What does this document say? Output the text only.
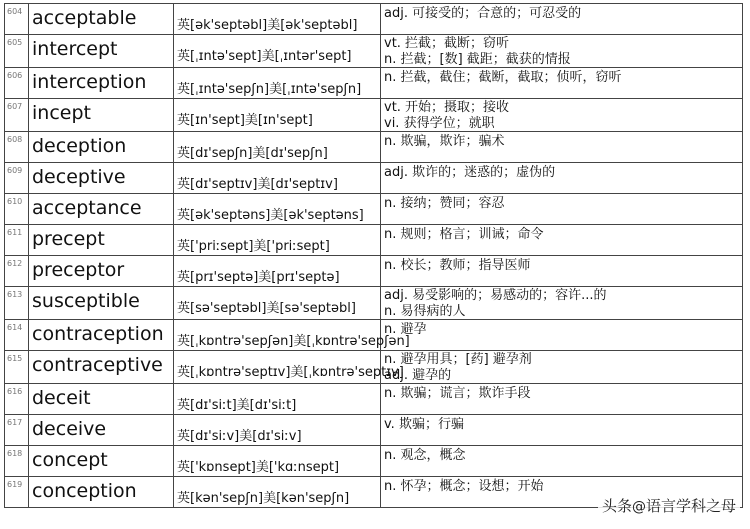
604	acceptable	英[ək'septəbl]美[ək'septəbl]	adj. 可接受的；合意的；可忍受的

605	intercept	英[ˌɪntə'sept]美[ˌɪntər'sept]	vt. 拦截；截断；窃听
n. 拦截；[数] 截距；截获的情报

606	interception	英[ˌɪntə'sepʃn]美[ˌɪntə'sepʃn]	n. 拦截，截住；截断，截取；侦听，窃听

607	incept	英[ɪn'sept]美[ɪn'sept]	vt. 开始；摄取；接收
vi. 获得学位；就职

608	deception	英[dɪ'sepʃn]美[dɪ'sepʃn]	n. 欺骗，欺诈；骗术

609	deceptive	英[dɪ'septɪv]美[dɪ'septɪv]	adj. 欺诈的；迷惑的；虚伪的

610	acceptance	英[ək'septəns]美[ək'septəns]	n. 接纳；赞同；容忍

611	precept	英['priːsept]美['priːsept]	n. 规则；格言；训诫；命令

612	preceptor	英[prɪ'septə]美[prɪ'septə]	n. 校长；教师；指导医师

613	susceptible	英[sə'septəbl]美[sə'septəbl]	adj. 易受影响的；易感动的；容许...的
n. 易得病的人

614	contraception	英[ˌkɒntrə'sepʃən]美[ˌkɒntrə'sepʃən]	n. 避孕

615	contraceptive	英[ˌkɒntrə'septɪv]美[ˌkɒntrə'septɪv]	n. 避孕用具；[药] 避孕剂
adj. 避孕的

616	deceit	英[dɪ'siːt]美[dɪ'siːt]	n. 欺骗；谎言；欺诈手段

617	deceive	英[dɪ'siːv]美[dɪ'siːv]	v. 欺骗；行骗

618	concept	英['kɒnsept]美['kɑːnsept]	n. 观念，概念

619	conception	英[kən'sepʃn]美[kən'sepʃn]	n. 怀孕；概念；设想；开始
头条@语言学科之母
